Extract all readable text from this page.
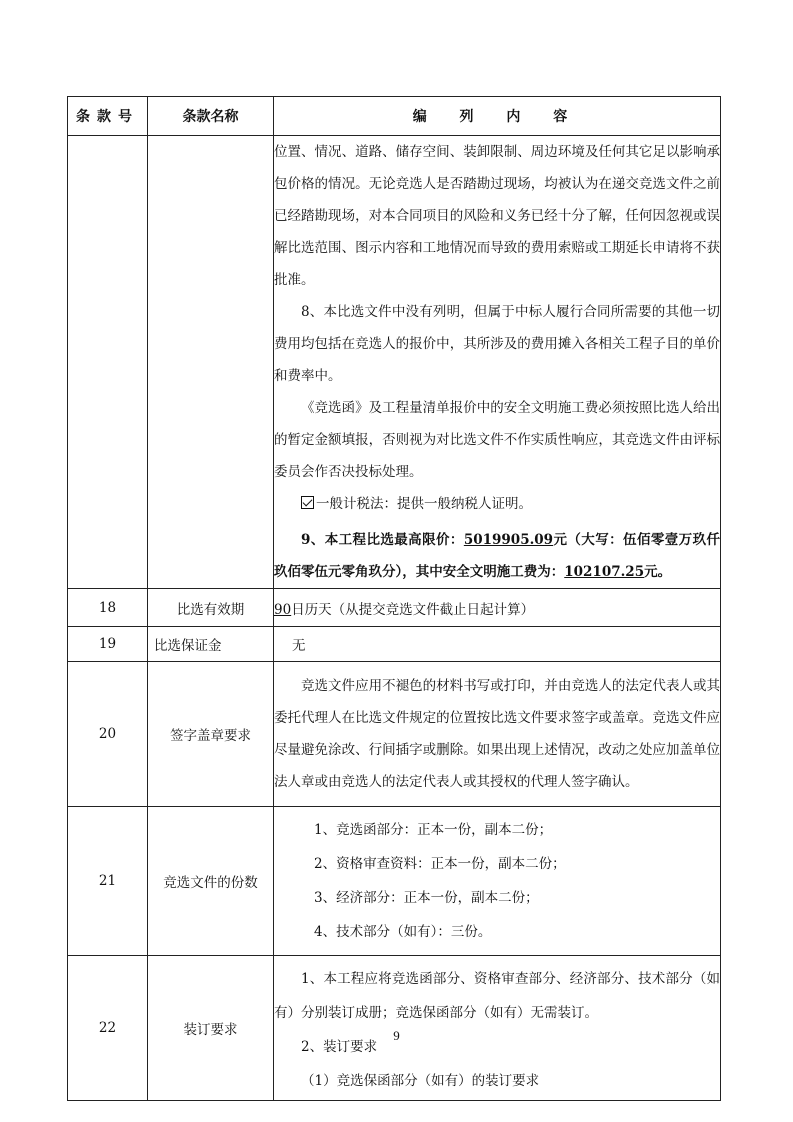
条款号	条款名称	编 列 内 容

		位置、情况、道路、储存空间、装卸限制、周边环境及任何其它足以影响承包价格的情况。无论竞选人是否踏勘过现场，均被认为在递交竞选文件之前已经踏勘现场，对本合同项目的风险和义务已经十分了解，任何因忽视或误解比选范围、图示内容和工地情况而导致的费用索赔或工期延长申请将不获批准。

8、本比选文件中没有列明，但属于中标人履行合同所需要的其他一切费用均包括在竞选人的报价中，其所涉及的费用摊入各相关工程子目的单价和费率中。

《竞选函》及工程量清单报价中的安全文明施工费必须按照比选人给出的暂定金额填报，否则视为对比选文件不作实质性响应，其竞选文件由评标委员会作否决投标处理。

一般计税法：提供一般纳税人证明。

9、本工程比选最高限价：5019905.09元（大写：伍佰零壹万玖仟玖佰零伍元零角玖分），其中安全文明施工费为：102107.25元。

18	比选有效期	90日历天（从提交竞选文件截止日起计算）
19	比选保证金	无
20	签字盖章要求	竞选文件应用不褪色的材料书写或打印，并由竞选人的法定代表人或其委托代理人在比选文件规定的位置按比选文件要求签字或盖章。竞选文件应尽量避免涂改、行间插字或删除。如果出现上述情况，改动之处应加盖单位法人章或由竞选人的法定代表人或其授权的代理人签字确认。
21	竞选文件的份数	1、竞选函部分：正本一份，副本二份；
2、资格审查资料：正本一份，副本二份；
3、经济部分：正本一份，副本二份；
4、技术部分（如有）：三份。

22	装订要求	1、本工程应将竞选函部分、资格审查部分、经济部分、技术部分（如有）分别装订成册；竞选保函部分（如有）无需装订。

2、装订要求

（1）竞选保函部分（如有）的装订要求

9
